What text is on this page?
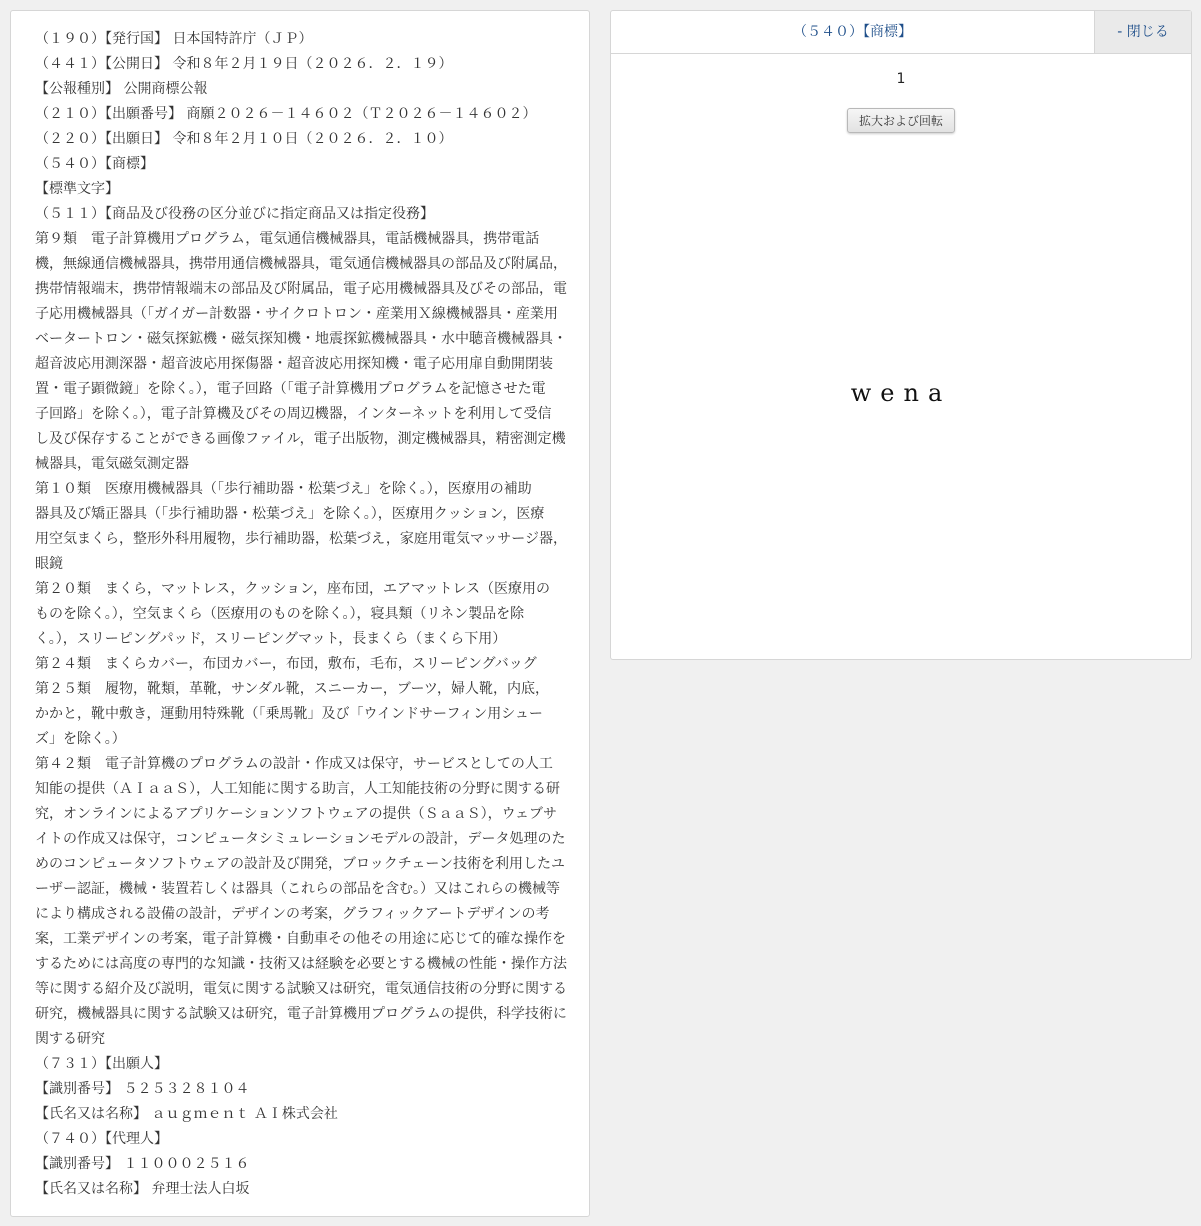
（１９０）【発行国】 日本国特許庁（ＪＰ）
（４４１）【公開日】 令和８年２月１９日（２０２６．２．１９）
【公報種別】 公開商標公報
（２１０）【出願番号】 商願２０２６－１４６０２（Ｔ２０２６－１４６０２）
（２２０）【出願日】 令和８年２月１０日（２０２６．２．１０）
（５４０）【商標】
【標準文字】
（５１１）【商品及び役務の区分並びに指定商品又は指定役務】
第９類　電子計算機用プログラム，電気通信機械器具，電話機械器具，携帯電話
機，無線通信機械器具，携帯用通信機械器具，電気通信機械器具の部品及び附属品，
携帯情報端末，携帯情報端末の部品及び附属品，電子応用機械器具及びその部品，電
子応用機械器具（「ガイガー計数器・サイクロトロン・産業用Ｘ線機械器具・産業用
ベータートロン・磁気探鉱機・磁気探知機・地震探鉱機械器具・水中聴音機械器具・
超音波応用測深器・超音波応用探傷器・超音波応用探知機・電子応用扉自動開閉装
置・電子顕微鏡」を除く。），電子回路（「電子計算機用プログラムを記憶させた電
子回路」を除く。），電子計算機及びその周辺機器，インターネットを利用して受信
し及び保存することができる画像ファイル，電子出版物，測定機械器具，精密測定機
械器具，電気磁気測定器
第１０類　医療用機械器具（「歩行補助器・松葉づえ」を除く。），医療用の補助
器具及び矯正器具（「歩行補助器・松葉づえ」を除く。），医療用クッション，医療
用空気まくら，整形外科用履物，歩行補助器，松葉づえ，家庭用電気マッサージ器，
眼鏡
第２０類　まくら，マットレス，クッション，座布団，エアマットレス（医療用の
ものを除く。），空気まくら（医療用のものを除く。），寝具類（リネン製品を除
く。），スリーピングパッド，スリーピングマット，長まくら（まくら下用）
第２４類　まくらカバー，布団カバー，布団，敷布，毛布，スリーピングバッグ
第２５類　履物，靴類，革靴，サンダル靴，スニーカー，ブーツ，婦人靴，内底，
かかと，靴中敷き，運動用特殊靴（「乗馬靴」及び「ウインドサーフィン用シュー
ズ」を除く。）
第４２類　電子計算機のプログラムの設計・作成又は保守，サービスとしての人工
知能の提供（ＡＩａａＳ），人工知能に関する助言，人工知能技術の分野に関する研
究，オンラインによるアプリケーションソフトウェアの提供（ＳａａＳ），ウェブサ
イトの作成又は保守，コンピュータシミュレーションモデルの設計，データ処理のた
めのコンピュータソフトウェアの設計及び開発，ブロックチェーン技術を利用したユ
ーザー認証，機械・装置若しくは器具（これらの部品を含む。）又はこれらの機械等
により構成される設備の設計，デザインの考案，グラフィックアートデザインの考
案，工業デザインの考案，電子計算機・自動車その他その用途に応じて的確な操作を
するためには高度の専門的な知識・技術又は経験を必要とする機械の性能・操作方法
等に関する紹介及び説明，電気に関する試験又は研究，電気通信技術の分野に関する
研究，機械器具に関する試験又は研究，電子計算機用プログラムの提供，科学技術に
関する研究
（７３１）【出願人】
【識別番号】 ５２５３２８１０４
【氏名又は名称】 ａｕｇｍｅｎｔ ＡＩ株式会社
（７４０）【代理人】
【識別番号】 １１０００２５１６
【氏名又は名称】 弁理士法人白坂
（５４０）【商標】	- 閉じる
1
拡大および回転
wena
